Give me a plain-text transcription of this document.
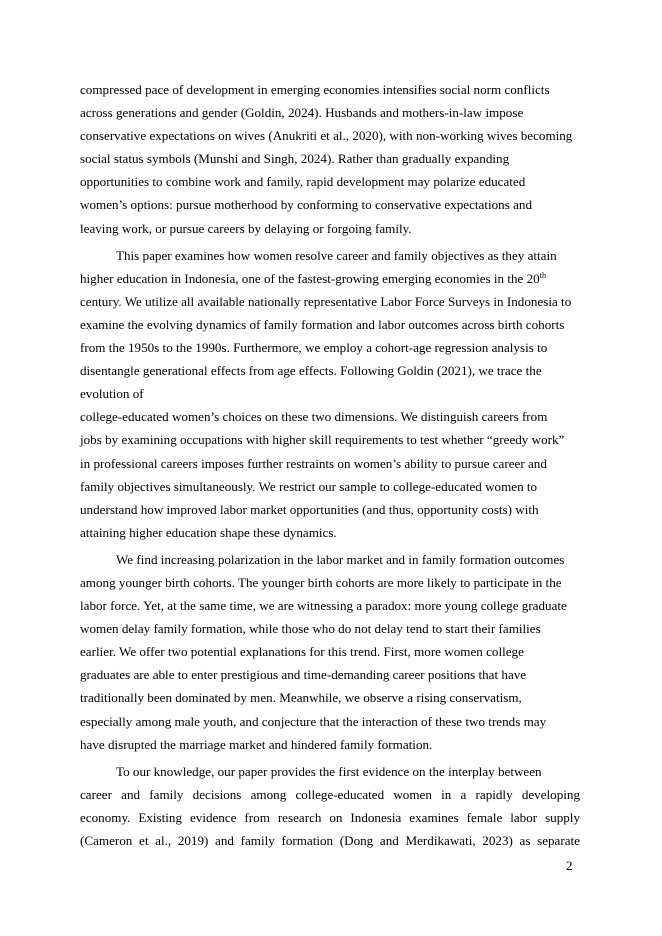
compressed pace of development in emerging economies intensifies social norm conflicts
across generations and gender (Goldin, 2024). Husbands and mothers-in-law impose
conservative expectations on wives (Anukriti et al., 2020), with non-working wives becoming
social status symbols (Munshi and Singh, 2024). Rather than gradually expanding
opportunities to combine work and family, rapid development may polarize educated
women’s options: pursue motherhood by conforming to conservative expectations and
leaving work, or pursue careers by delaying or forgoing family.
This paper examines how women resolve career and family objectives as they attain
higher education in Indonesia, one of the fastest-growing emerging economies in the 20th
century. We utilize all available nationally representative Labor Force Surveys in Indonesia to
examine the evolving dynamics of family formation and labor outcomes across birth cohorts
from the 1950s to the 1990s. Furthermore, we employ a cohort-age regression analysis to
disentangle generational effects from age effects. Following Goldin (2021), we trace the
evolution of
college-educated women’s choices on these two dimensions. We distinguish careers from
jobs by examining occupations with higher skill requirements to test whether “greedy work”
in professional careers imposes further restraints on women’s ability to pursue career and
family objectives simultaneously. We restrict our sample to college-educated women to
understand how improved labor market opportunities (and thus, opportunity costs) with
attaining higher education shape these dynamics.
We find increasing polarization in the labor market and in family formation outcomes
among younger birth cohorts. The younger birth cohorts are more likely to participate in the
labor force. Yet, at the same time, we are witnessing a paradox: more young college graduate
women delay family formation, while those who do not delay tend to start their families
earlier. We offer two potential explanations for this trend. First, more women college
graduates are able to enter prestigious and time-demanding career positions that have
traditionally been dominated by men. Meanwhile, we observe a rising conservatism,
especially among male youth, and conjecture that the interaction of these two trends may
have disrupted the marriage market and hindered family formation.
To our knowledge, our paper provides the first evidence on the interplay between
career and family decisions among college-educated women in a rapidly developing
economy. Existing evidence from research on Indonesia examines female labor supply
(Cameron et al., 2019) and family formation (Dong and Merdikawati, 2023) as separate
2
